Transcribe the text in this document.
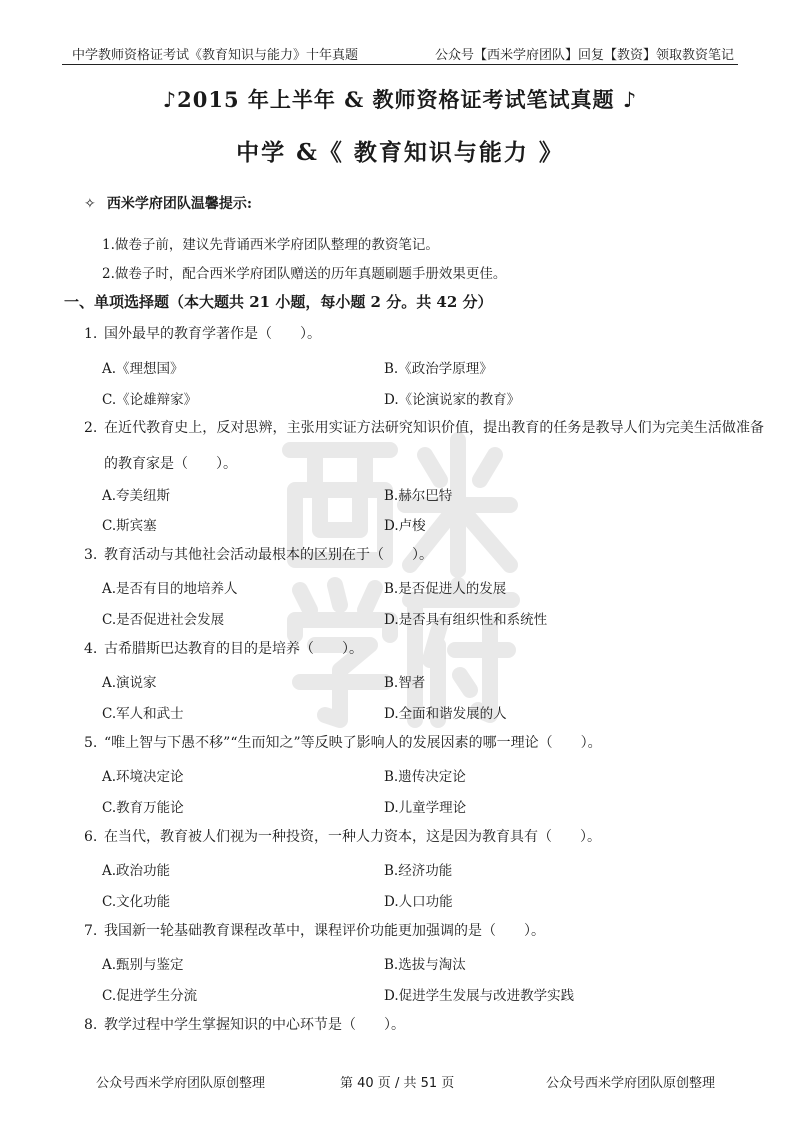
中学教师资格证考试《教育知识与能力》十年真题	公众号【西米学府团队】回复【教资】领取教资笔记
♪2015 年上半年 & 教师资格证考试笔试真题 ♪
中学 &《 教育知识与能力 》
✧ 西米学府团队温馨提示:
1.做卷子前，建议先背诵西米学府团队整理的教资笔记。
2.做卷子时，配合西米学府团队赠送的历年真题刷题手册效果更佳。
一、单项选择题（本大题共 21 小题，每小题 2 分。共 42 分）
1. 国外最早的教育学著作是（　　）。
A.《理想国》	B.《政治学原理》
C.《论雄辩家》	D.《论演说家的教育》
2. 在近代教育史上，反对思辨，主张用实证方法研究知识价值，提出教育的任务是教导人们为完美生活做准备的教育家是（　　）。
A.夸美纽斯	B.赫尔巴特
C.斯宾塞	D.卢梭
3. 教育活动与其他社会活动最根本的区别在于（　　）。
A.是否有目的地培养人	B.是否促进人的发展
C.是否促进社会发展	D.是否具有组织性和系统性
4. 古希腊斯巴达教育的目的是培养（　　）。
A.演说家	B.智者
C.军人和武士	D.全面和谐发展的人
5. “唯上智与下愚不移”“生而知之”等反映了影响人的发展因素的哪一理论（　　）。
A.环境决定论	B.遗传决定论
C.教育万能论	D.儿童学理论
6. 在当代，教育被人们视为一种投资，一种人力资本，这是因为教育具有（　　）。
A.政治功能	B.经济功能
C.文化功能	D.人口功能
7. 我国新一轮基础教育课程改革中，课程评价功能更加强调的是（　　）。
A.甄别与鉴定	B.选拔与淘汰
C.促进学生分流	D.促进学生发展与改进教学实践
8. 教学过程中学生掌握知识的中心环节是（　　）。
公众号西米学府团队原创整理	第 40 页 / 共 51 页	公众号西米学府团队原创整理
